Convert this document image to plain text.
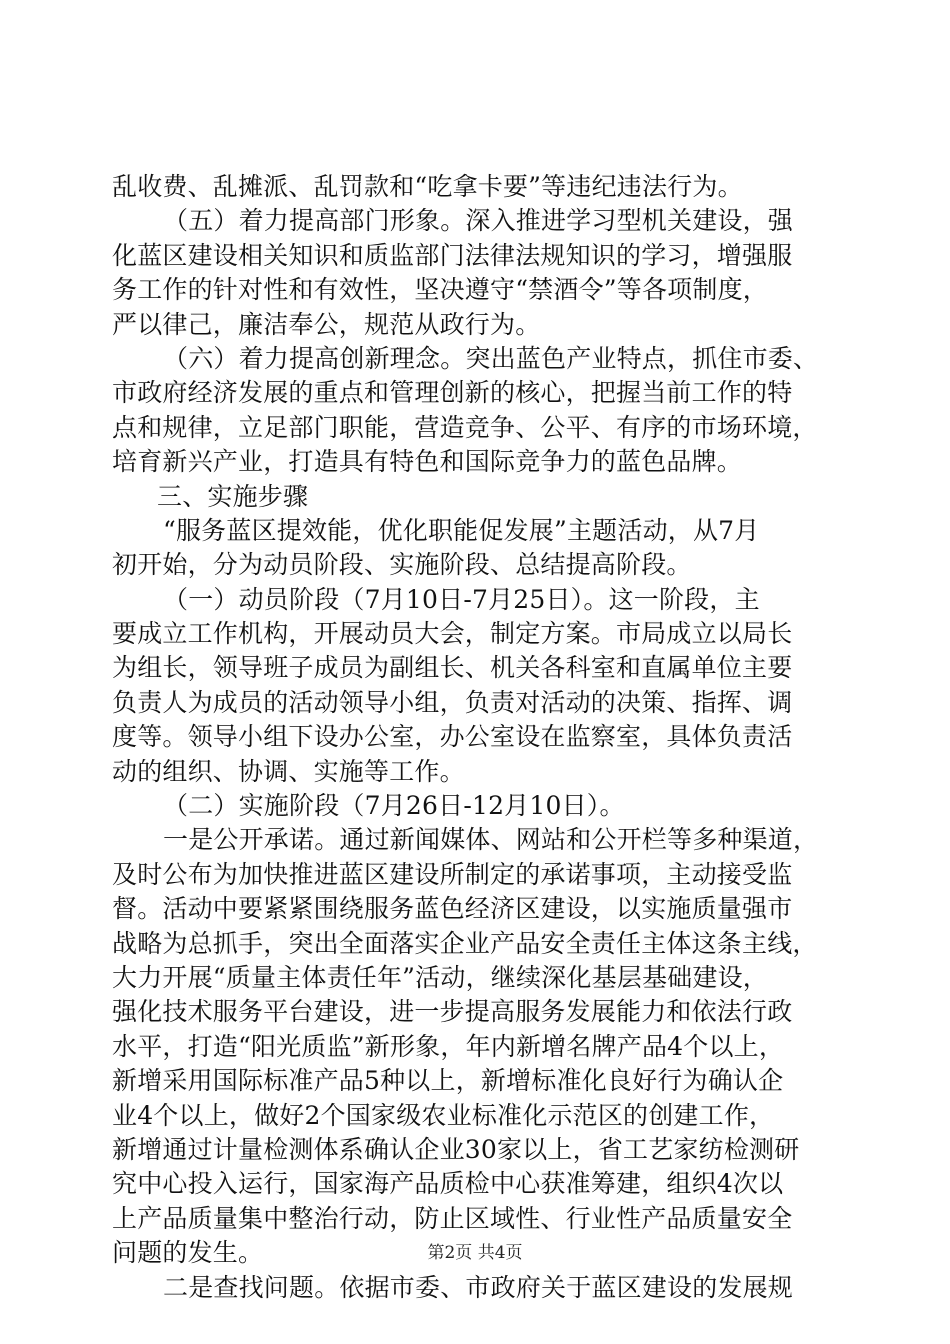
乱收费、乱摊派、乱罚款和“吃拿卡要”等违纪违法行为。
（五）着力提高部门形象。深入推进学习型机关建设，强
化蓝区建设相关知识和质监部门法律法规知识的学习，增强服
务工作的针对性和有效性，坚决遵守“禁酒令”等各项制度，
严以律己，廉洁奉公，规范从政行为。
（六）着力提高创新理念。突出蓝色产业特点，抓住市委、
市政府经济发展的重点和管理创新的核心，把握当前工作的特
点和规律，立足部门职能，营造竞争、公平、有序的市场环境，
培育新兴产业，打造具有特色和国际竞争力的蓝色品牌。
三、实施步骤
“服务蓝区提效能，优化职能促发展”主题活动，从7月
初开始，分为动员阶段、实施阶段、总结提高阶段。
（一）动员阶段（7月10日-7月25日）。这一阶段，主
要成立工作机构，开展动员大会，制定方案。市局成立以局长
为组长，领导班子成员为副组长、机关各科室和直属单位主要
负责人为成员的活动领导小组，负责对活动的决策、指挥、调
度等。领导小组下设办公室，办公室设在监察室，具体负责活
动的组织、协调、实施等工作。
（二）实施阶段（7月26日-12月10日）。
一是公开承诺。通过新闻媒体、网站和公开栏等多种渠道，
及时公布为加快推进蓝区建设所制定的承诺事项，主动接受监
督。活动中要紧紧围绕服务蓝色经济区建设，以实施质量强市
战略为总抓手，突出全面落实企业产品安全责任主体这条主线，
大力开展“质量主体责任年”活动，继续深化基层基础建设，
强化技术服务平台建设，进一步提高服务发展能力和依法行政
水平，打造“阳光质监”新形象，年内新增名牌产品4个以上，
新增采用国际标准产品5种以上，新增标准化良好行为确认企
业4个以上，做好2个国家级农业标准化示范区的创建工作，
新增通过计量检测体系确认企业30家以上，省工艺家纺检测研
究中心投入运行，国家海产品质检中心获准筹建，组织4次以
上产品质量集中整治行动，防止区域性、行业性产品质量安全
问题的发生。
二是查找问题。依据市委、市政府关于蓝区建设的发展规
第2页 共4页
